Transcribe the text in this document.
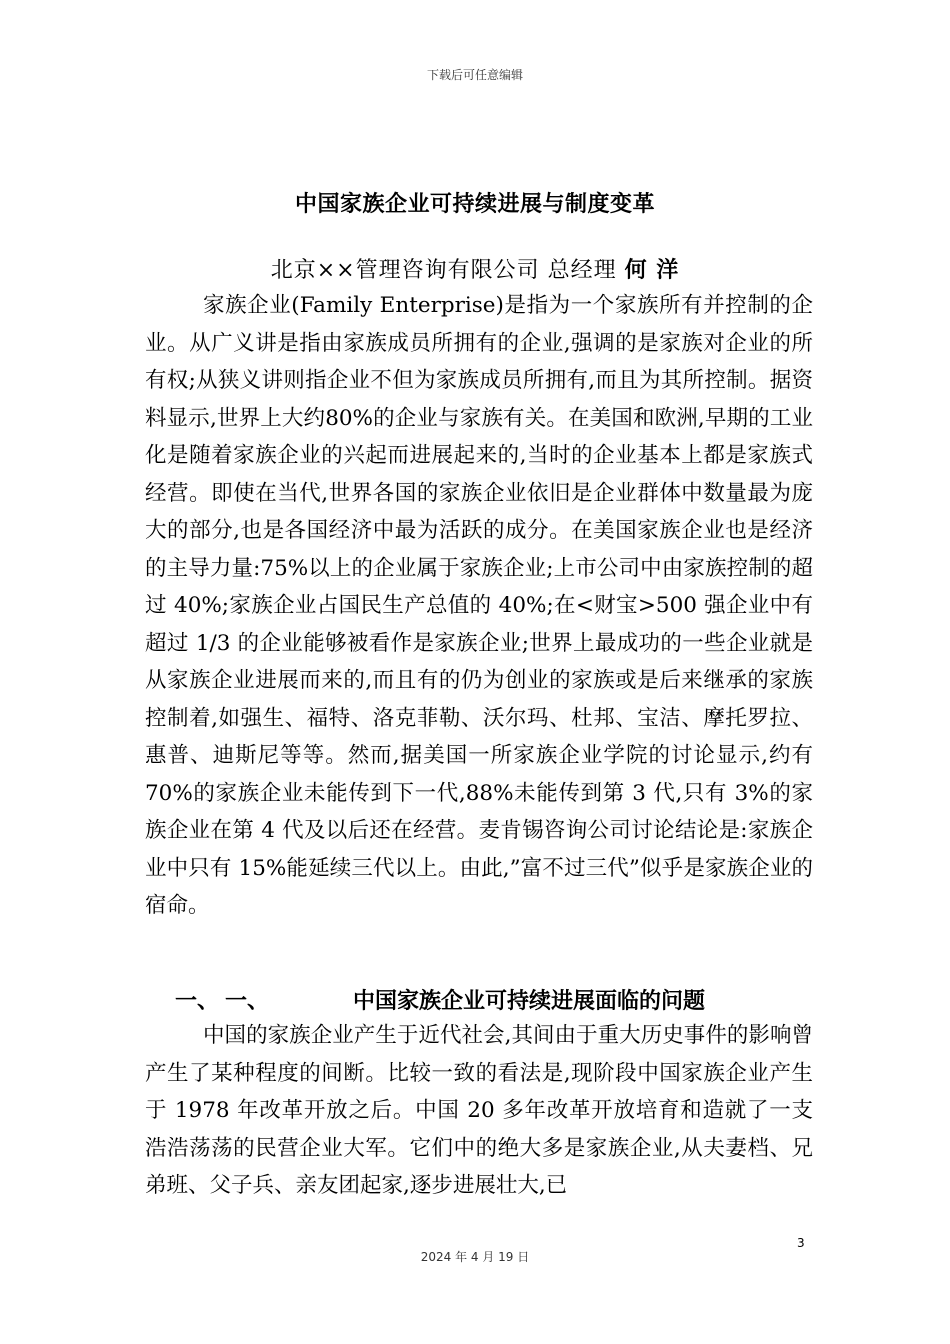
下载后可任意编辑
中国家族企业可持续进展与制度变革
北京××管理咨询有限公司 总经理 何 洋

家族企业(Family Enterprise)是指为一个家族所有并控制的企业。从广义讲是指由家族成员所拥有的企业,强调的是家族对企业的所有权;从狭义讲则指企业不但为家族成员所拥有,而且为其所控制。据资料显示,世界上大约80%的企业与家族有关。在美国和欧洲,早期的工业化是随着家族企业的兴起而进展起来的,当时的企业基本上都是家族式经营。即使在当代,世界各国的家族企业依旧是企业群体中数量最为庞大的部分,也是各国经济中最为活跃的成分。在美国家族企业也是经济的主导力量:75%以上的企业属于家族企业;上市公司中由家族控制的超过 40%;家族企业占国民生产总值的 40%;在<财宝>500 强企业中有超过 1/3 的企业能够被看作是家族企业;世界上最成功的一些企业就是从家族企业进展而来的,而且有的仍为创业的家族或是后来继承的家族控制着,如强生、福特、洛克菲勒、沃尔玛、杜邦、宝洁、摩托罗拉、惠普、迪斯尼等等。然而,据美国一所家族企业学院的讨论显示,约有70%的家族企业未能传到下一代,88%未能传到第 3 代,只有 3%的家族企业在第 4 代及以后还在经营。麦肯锡咨询公司讨论结论是:家族企业中只有 15%能延续三代以上。由此,”富不过三代”似乎是家族企业的宿命。

一、 一、	中国家族企业可持续进展面临的问题

中国的家族企业产生于近代社会,其间由于重大历史事件的影响曾产生了某种程度的间断。比较一致的看法是,现阶段中国家族企业产生于 1978 年改革开放之后。中国 20 多年改革开放培育和造就了一支浩浩荡荡的民营企业大军。它们中的绝大多是家族企业,从夫妻档、兄弟班、父子兵、亲友团起家,逐步进展壮大,已

3
2024 年 4 月 19 日
